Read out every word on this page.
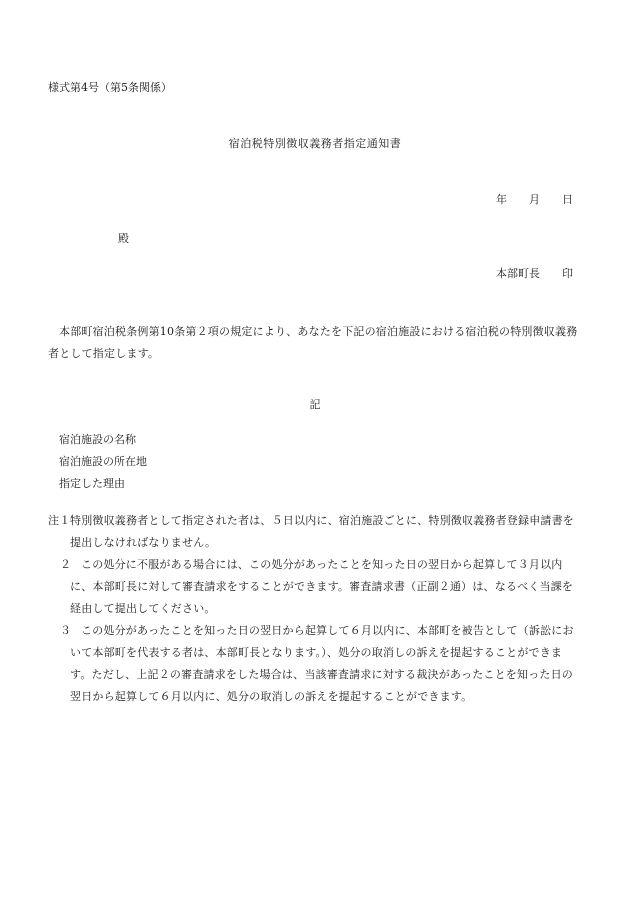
様式第4号（第5条関係）
宿泊税特別徴収義務者指定通知書
年 月 日
殿
本部町長 印
本部町宿泊税条例第10条第２項の規定により、あなたを下記の宿泊施設における宿泊税の特別徴収義務者として指定します。
記
宿泊施設の名称
宿泊施設の所在地
指定した理由
注１ 特別徴収義務者として指定された者は、５日以内に、宿泊施設ごとに、特別徴収義務者登録申請書を提出しなければなりません。
２ この処分に不服がある場合には、この処分があったことを知った日の翌日から起算して３月以内に、本部町長に対して審査請求をすることができます。審査請求書（正副２通）は、なるべく当課を経由して提出してください。
３ この処分があったことを知った日の翌日から起算して６月以内に、本部町を被告として（訴訟において本部町を代表する者は、本部町長となります。）、処分の取消しの訴えを提起することができます。ただし、上記２の審査請求をした場合は、当該審査請求に対する裁決があったことを知った日の翌日から起算して６月以内に、処分の取消しの訴えを提起することができます。
